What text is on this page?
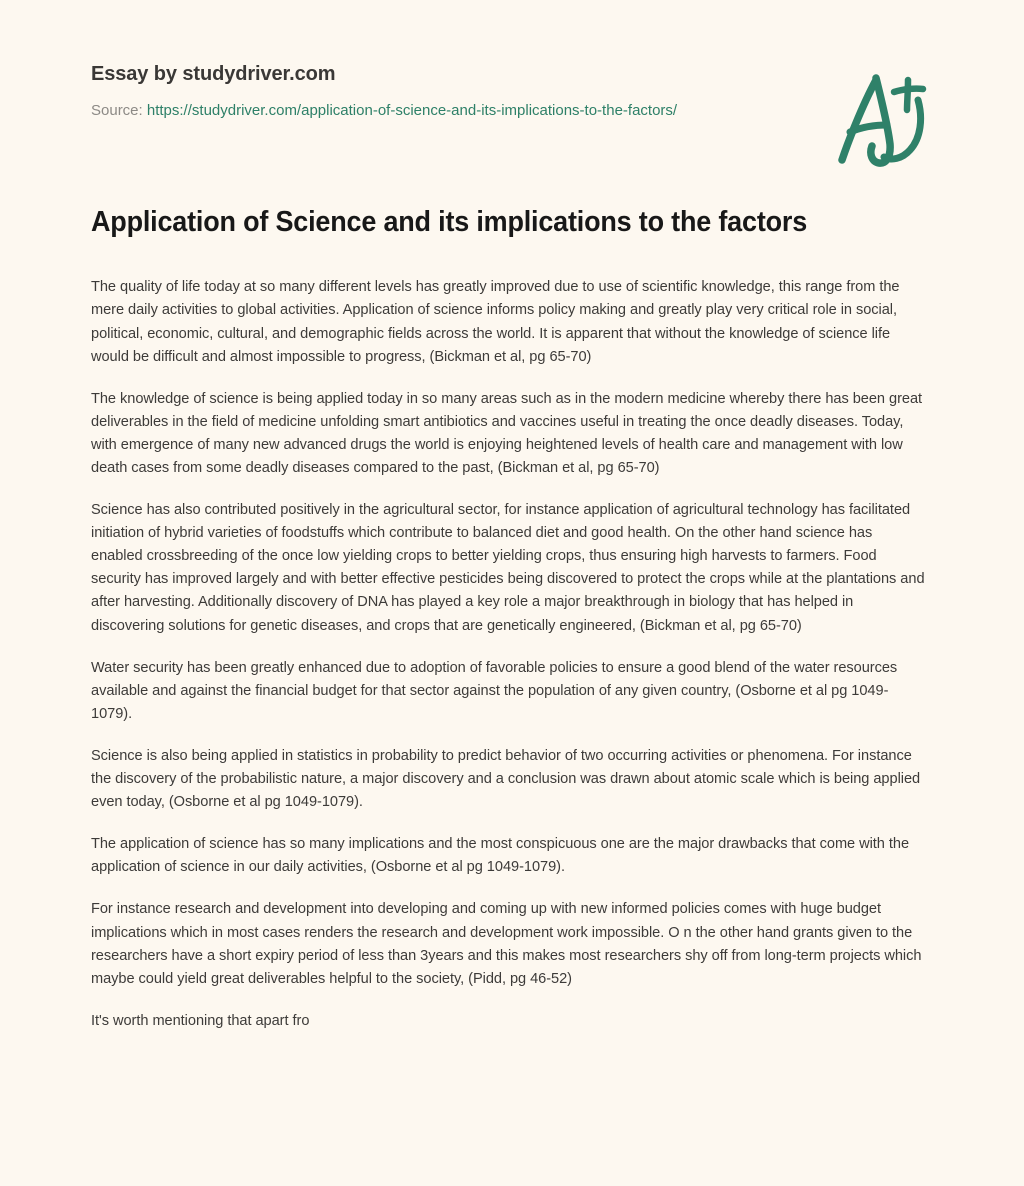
Essay by studydriver.com
Source: https://studydriver.com/application-of-science-and-its-implications-to-the-factors/
Application of Science and its implications to the factors

The quality of life today at so many different levels has greatly improved due to use of scientific knowledge, this range from the mere daily activities to global activities. Application of science informs policy making and greatly play very critical role in social, political, economic, cultural, and demographic fields across the world. It is apparent that without the knowledge of science life would be difficult and almost impossible to progress, (Bickman et al, pg 65-70)

The knowledge of science is being applied today in so many areas such as in the modern medicine whereby there has been great deliverables in the field of medicine unfolding smart antibiotics and vaccines useful in treating the once deadly diseases. Today, with emergence of many new advanced drugs the world is enjoying heightened levels of health care and management with low death cases from some deadly diseases compared to the past, (Bickman et al, pg 65-70)

Science has also contributed positively in the agricultural sector, for instance application of agricultural technology has facilitated initiation of hybrid varieties of foodstuffs which contribute to balanced diet and good health. On the other hand science has enabled crossbreeding of the once low yielding crops to better yielding crops, thus ensuring high harvests to farmers. Food security has improved largely and with better effective pesticides being discovered to protect the crops while at the plantations and after harvesting. Additionally discovery of DNA has played a key role a major breakthrough in biology that has helped in discovering solutions for genetic diseases, and crops that are genetically engineered, (Bickman et al, pg 65-70)

Water security has been greatly enhanced due to adoption of favorable policies to ensure a good blend of the water resources available and against the financial budget for that sector against the population of any given country, (Osborne et al pg 1049-1079).

Science is also being applied in statistics in probability to predict behavior of two occurring activities or phenomena. For instance the discovery of the probabilistic nature, a major discovery and a conclusion was drawn about atomic scale which is being applied even today, (Osborne et al pg 1049-1079).

The application of science has so many implications and the most conspicuous one are the major drawbacks that come with the application of science in our daily activities, (Osborne et al pg 1049-1079).

For instance research and development into developing and coming up with new informed policies comes with huge budget implications which in most cases renders the research and development work impossible. O n the other hand grants given to the researchers have a short expiry period of less than 3years and this makes most researchers shy off from long-term projects which maybe could yield great deliverables helpful to the society, (Pidd, pg 46-52)

It's worth mentioning that apart fro
